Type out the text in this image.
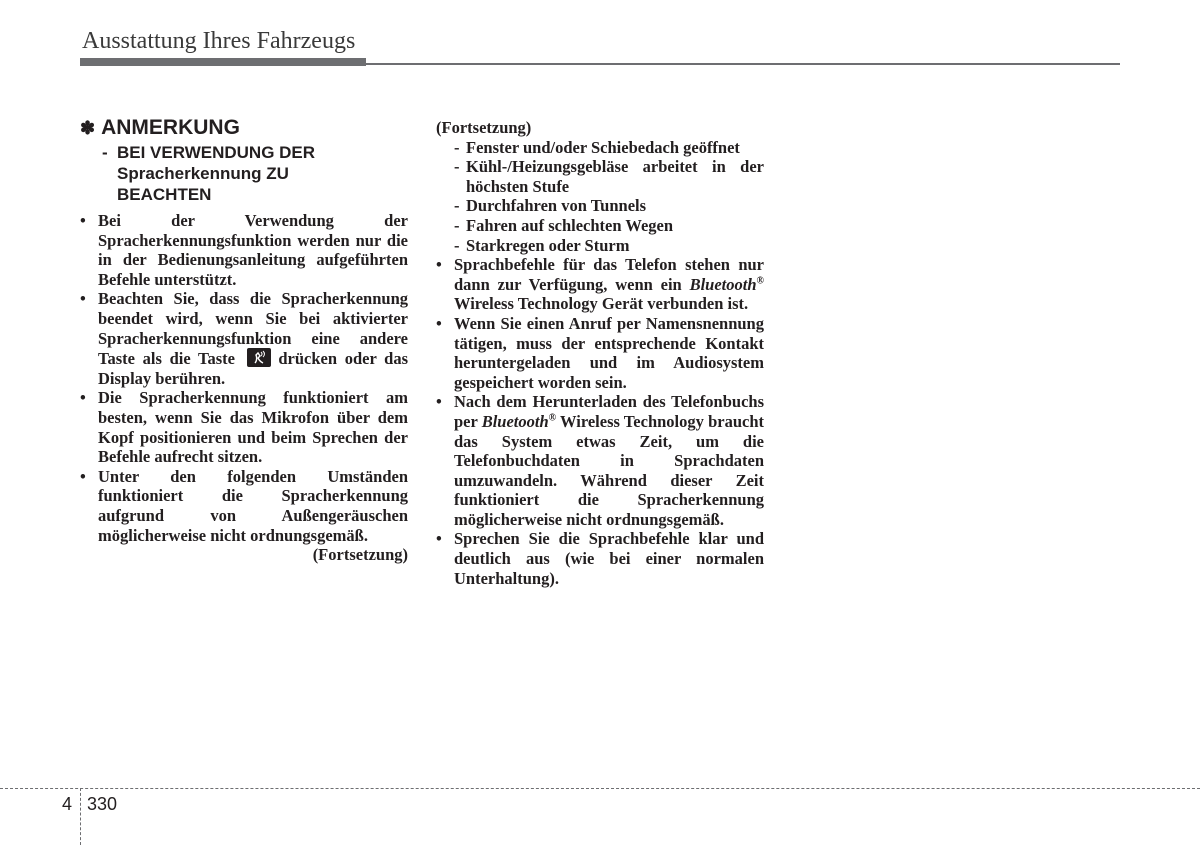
Ausstattung Ihres Fahrzeugs
✽ ANMERKUNG
- BEI VERWENDUNG DER Spracherkennung ZU BEACHTEN
• Bei der Verwendung der Spracherkennungsfunktion werden nur die in der Bedienungsanleitung aufgeführten Befehle unterstützt.
• Beachten Sie, dass die Spracherkennung beendet wird, wenn Sie bei aktivierter Spracherkennungsfunktion eine andere Taste als die Taste	drücken oder das Display berühren.
• Die Spracherkennung funktioniert am besten, wenn Sie das Mikrofon über dem Kopf positionieren und beim Sprechen der Befehle aufrecht sitzen.
• Unter den folgenden Umständen funktioniert die Spracherkennung aufgrund von Außengeräuschen möglicherweise nicht ordnungsgemäß.
(Fortsetzung)
(Fortsetzung)
- Fenster und/oder Schiebedach geöffnet
- Kühl-/Heizungsgebläse arbeitet in der höchsten Stufe
- Durchfahren von Tunnels
- Fahren auf schlechten Wegen
- Starkregen oder Sturm
• Sprachbefehle für das Telefon stehen nur dann zur Verfügung, wenn ein Bluetooth® Wireless Technology Gerät verbunden ist.
• Wenn Sie einen Anruf per Namensnennung tätigen, muss der entsprechende Kontakt heruntergeladen und im Audiosystem gespeichert worden sein.
• Nach dem Herunterladen des Telefonbuchs per Bluetooth® Wireless Technology braucht das System etwas Zeit, um die Telefonbuchdaten in Sprachdaten umzuwandeln. Während dieser Zeit funktioniert die Spracherkennung möglicherweise nicht ordnungsgemäß.
• Sprechen Sie die Sprachbefehle klar und deutlich aus (wie bei einer normalen Unterhaltung).
4 330
